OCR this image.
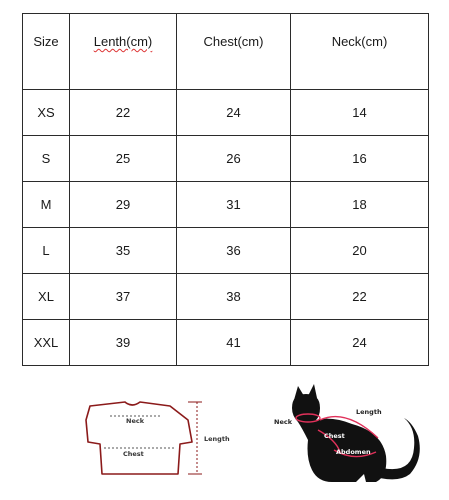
Size	Lenth(cm)	Chest(cm)	Neck(cm)
XS	22	24	14
S	25	26	16
M	29	31	18
L	35	36	20
XL	37	38	22
XXL	39	41	24
Neck
Chest
Length
Neck
Length
Chest
Abdomen
